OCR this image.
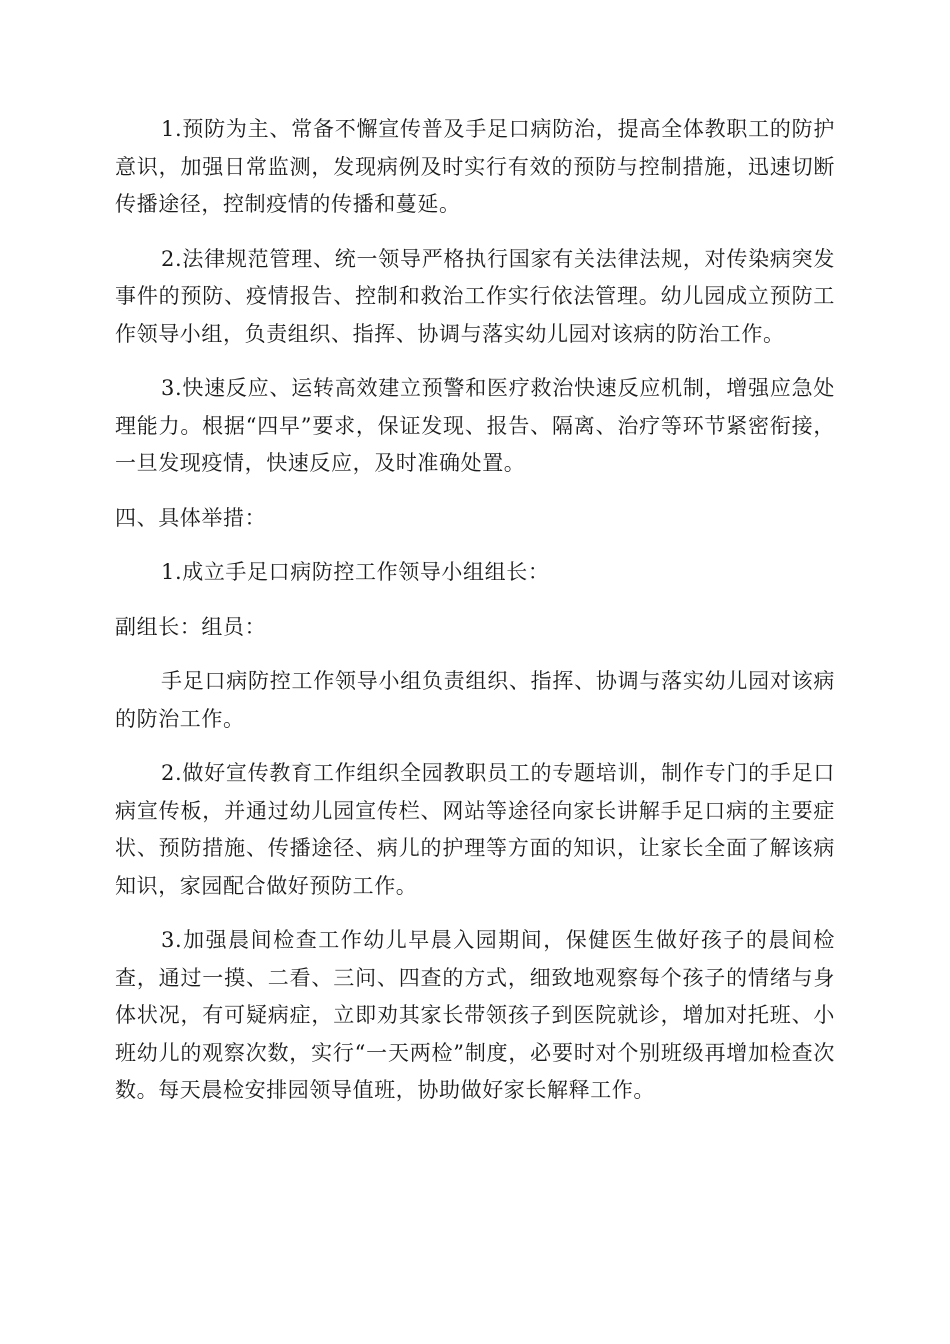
1.预防为主、常备不懈宣传普及手足口病防治，提高全体教职工的防护意识，加强日常监测，发现病例及时实行有效的预防与控制措施，迅速切断传播途径，控制疫情的传播和蔓延。

2.法律规范管理、统一领导严格执行国家有关法律法规，对传染病突发事件的预防、疫情报告、控制和救治工作实行依法管理。幼儿园成立预防工作领导小组，负责组织、指挥、协调与落实幼儿园对该病的防治工作。

3.快速反应、运转高效建立预警和医疗救治快速反应机制，增强应急处理能力。根据“四早”要求，保证发现、报告、隔离、治疗等环节紧密衔接，一旦发现疫情，快速反应，及时准确处置。

四、具体举措：

1.成立手足口病防控工作领导小组组长：

副组长：组员：

手足口病防控工作领导小组负责组织、指挥、协调与落实幼儿园对该病的防治工作。

2.做好宣传教育工作组织全园教职员工的专题培训，制作专门的手足口病宣传板，并通过幼儿园宣传栏、网站等途径向家长讲解手足口病的主要症状、预防措施、传播途径、病儿的护理等方面的知识，让家长全面了解该病知识，家园配合做好预防工作。

3.加强晨间检查工作幼儿早晨入园期间，保健医生做好孩子的晨间检查，通过一摸、二看、三问、四查的方式，细致地观察每个孩子的情绪与身体状况，有可疑病症，立即劝其家长带领孩子到医院就诊，增加对托班、小班幼儿的观察次数，实行“一天两检”制度，必要时对个别班级再增加检查次数。每天晨检安排园领导值班，协助做好家长解释工作。
